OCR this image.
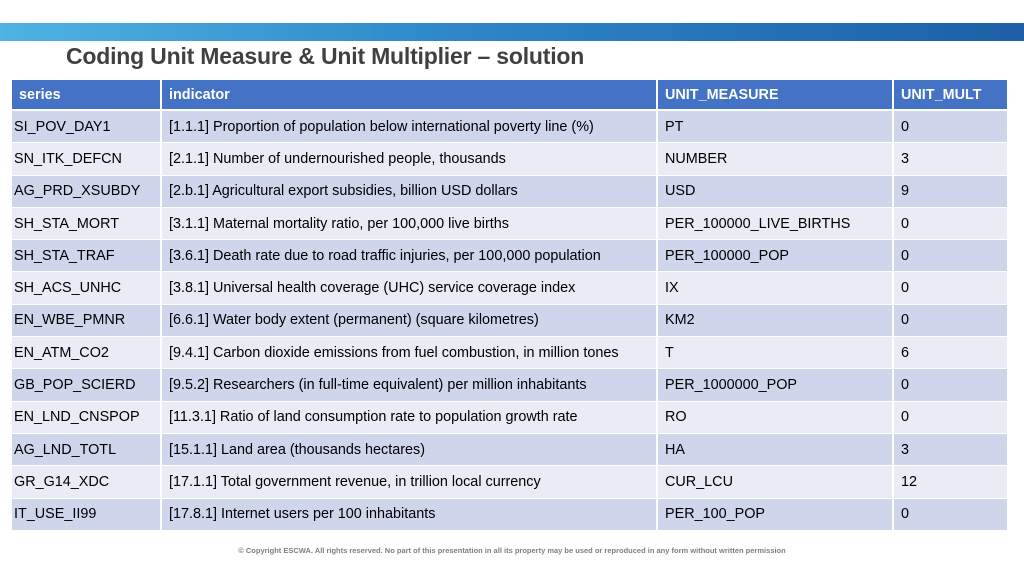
Coding Unit Measure & Unit Multiplier – solution
series	indicator	UNIT_MEASURE	UNIT_MULT
SI_POV_DAY1	[1.1.1] Proportion of population below international poverty line (%)	PT	0
SN_ITK_DEFCN	[2.1.1] Number of undernourished people, thousands	NUMBER	3
AG_PRD_XSUBDY	[2.b.1] Agricultural export subsidies, billion USD dollars	USD	9
SH_STA_MORT	[3.1.1] Maternal mortality ratio, per 100,000 live births	PER_100000_LIVE_BIRTHS	0
SH_STA_TRAF	[3.6.1] Death rate due to road traffic injuries, per 100,000 population	PER_100000_POP	0
SH_ACS_UNHC	[3.8.1] Universal health coverage (UHC) service coverage index	IX	0
EN_WBE_PMNR	[6.6.1] Water body extent (permanent) (square kilometres)	KM2	0
EN_ATM_CO2	[9.4.1] Carbon dioxide emissions from fuel combustion, in million tones	T	6
GB_POP_SCIERD	[9.5.2] Researchers (in full-time equivalent) per million inhabitants	PER_1000000_POP	0
EN_LND_CNSPOP	[11.3.1] Ratio of land consumption rate to population growth rate	RO	0
AG_LND_TOTL	[15.1.1] Land area (thousands hectares)	HA	3
GR_G14_XDC	[17.1.1] Total government revenue, in trillion local currency	CUR_LCU	12
IT_USE_II99	[17.8.1] Internet users per 100 inhabitants	PER_100_POP	0
© Copyright ESCWA. All rights reserved. No part of this presentation in all its property may be used or reproduced in any form without written permission
